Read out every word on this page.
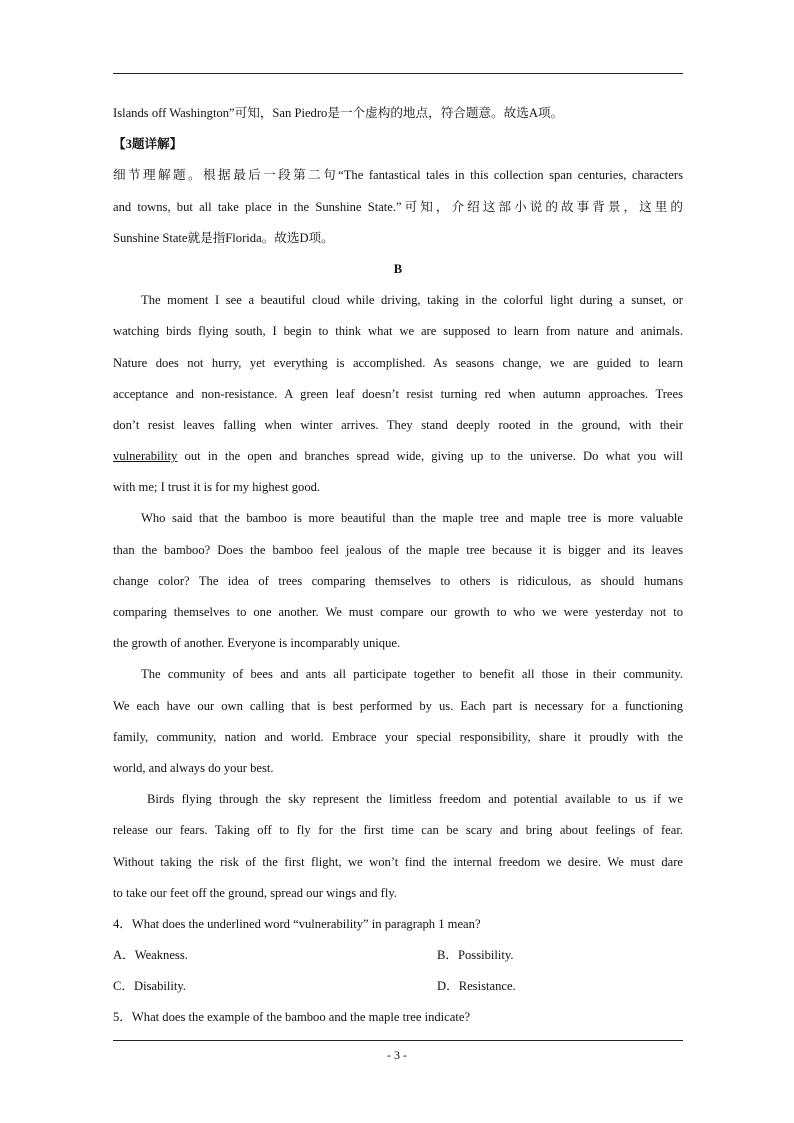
Islands off Washington”可知，San Piedro是一个虚构的地点，符合题意。故选A项。
【3题详解】
细节理解题。根据最后一段第二句“The fantastical tales in this collection span centuries, characters
and towns, but all take place in the Sunshine State.”可知，介绍这部小说的故事背景，这里的
Sunshine State就是指Florida。故选D项。
B
The moment I see a beautiful cloud while driving, taking in the colorful light during a sunset, or
watching birds flying south, I begin to think what we are supposed to learn from nature and animals.
Nature does not hurry, yet everything is accomplished. As seasons change, we are guided to learn
acceptance and non-resistance. A green leaf doesn’t resist turning red when autumn approaches. Trees
don’t resist leaves falling when winter arrives. They stand deeply rooted in the ground, with their
vulnerability out in the open and branches spread wide, giving up to the universe. Do what you will
with me; I trust it is for my highest good.
Who said that the bamboo is more beautiful than the maple tree and maple tree is more valuable
than the bamboo? Does the bamboo feel jealous of the maple tree because it is bigger and its leaves
change color? The idea of trees comparing themselves to others is ridiculous, as should humans
comparing themselves to one another. We must compare our growth to who we were yesterday not to
the growth of another. Everyone is incomparably unique.
The community of bees and ants all participate together to benefit all those in their community.
We each have our own calling that is best performed by us. Each part is necessary for a functioning
family, community, nation and world. Embrace your special responsibility, share it proudly with the
world, and always do your best.
Birds flying through the sky represent the limitless freedom and potential available to us if we
release our fears. Taking off to fly for the first time can be scary and bring about feelings of fear.
Without taking the risk of the first flight, we won’t find the internal freedom we desire. We must dare
to take our feet off the ground, spread our wings and fly.
4．What does the underlined word “vulnerability” in paragraph 1 mean?
A．Weakness.	B．Possibility.
C．Disability.	D．Resistance.
5．What does the example of the bamboo and the maple tree indicate?
- 3 -
